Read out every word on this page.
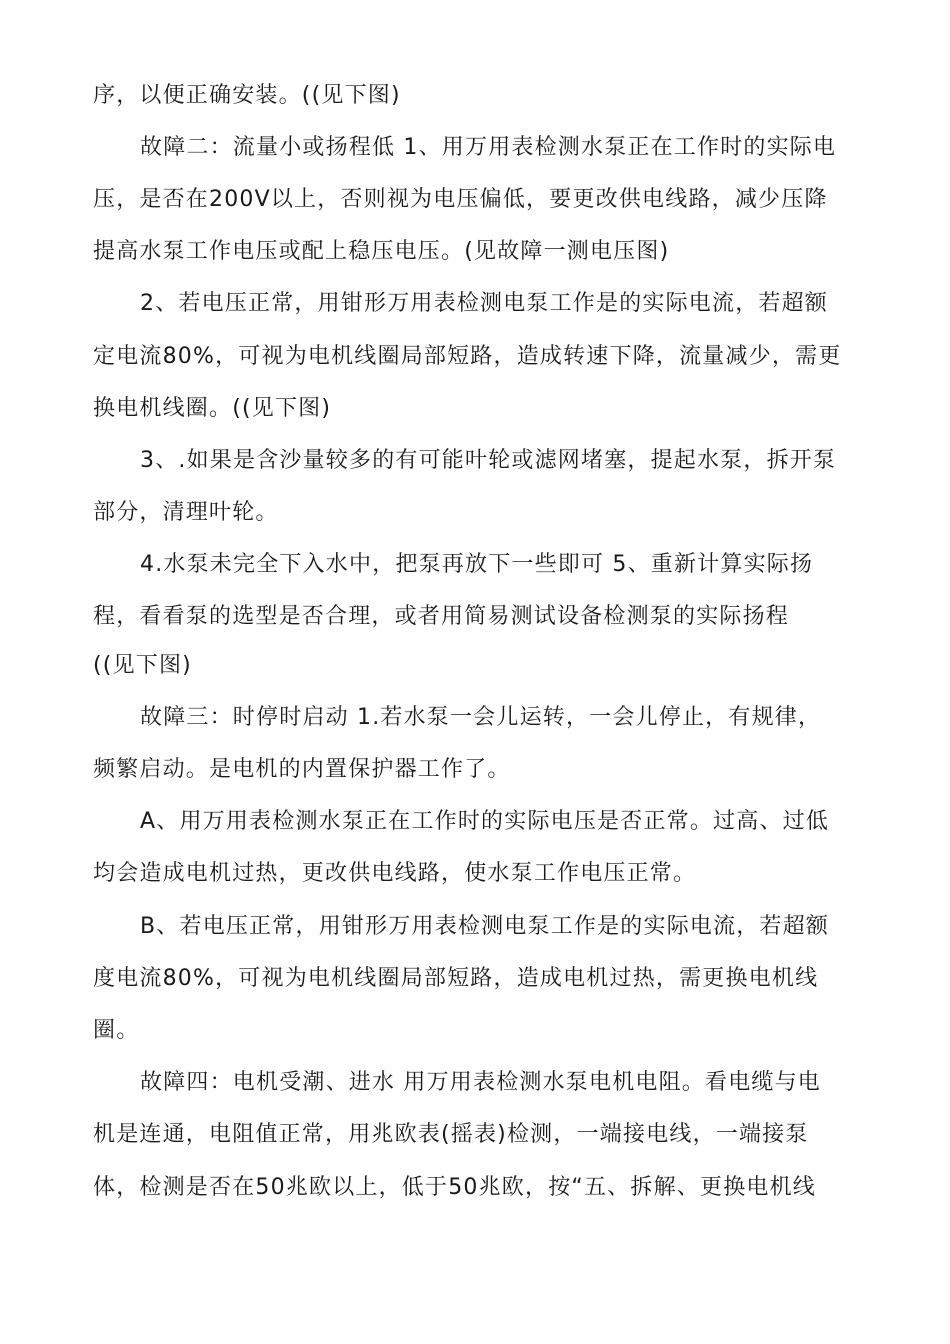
序，以便正确安装。((见下图)
故障二：流量小或扬程低 1、用万用表检测水泵正在工作时的实际电
压，是否在200V以上，否则视为电压偏低，要更改供电线路，减少压降
提高水泵工作电压或配上稳压电压。(见故障一测电压图)
2、若电压正常，用钳形万用表检测电泵工作是的实际电流，若超额
定电流80%，可视为电机线圈局部短路，造成转速下降，流量减少，需更
换电机线圈。((见下图)
3、.如果是含沙量较多的有可能叶轮或滤网堵塞，提起水泵，拆开泵
部分，清理叶轮。
4.水泵未完全下入水中，把泵再放下一些即可 5、重新计算实际扬
程，看看泵的选型是否合理，或者用简易测试设备检测泵的实际扬程
((见下图)
故障三：时停时启动 1.若水泵一会儿运转，一会儿停止，有规律，
频繁启动。是电机的内置保护器工作了。
A、用万用表检测水泵正在工作时的实际电压是否正常。过高、过低
均会造成电机过热，更改供电线路，使水泵工作电压正常。
B、若电压正常，用钳形万用表检测电泵工作是的实际电流，若超额
度电流80%，可视为电机线圈局部短路，造成电机过热，需更换电机线
圈。
故障四：电机受潮、进水 用万用表检测水泵电机电阻。看电缆与电
机是连通，电阻值正常，用兆欧表(摇表)检测，一端接电线，一端接泵
体，检测是否在50兆欧以上，低于50兆欧，按“五、拆解、更换电机线
